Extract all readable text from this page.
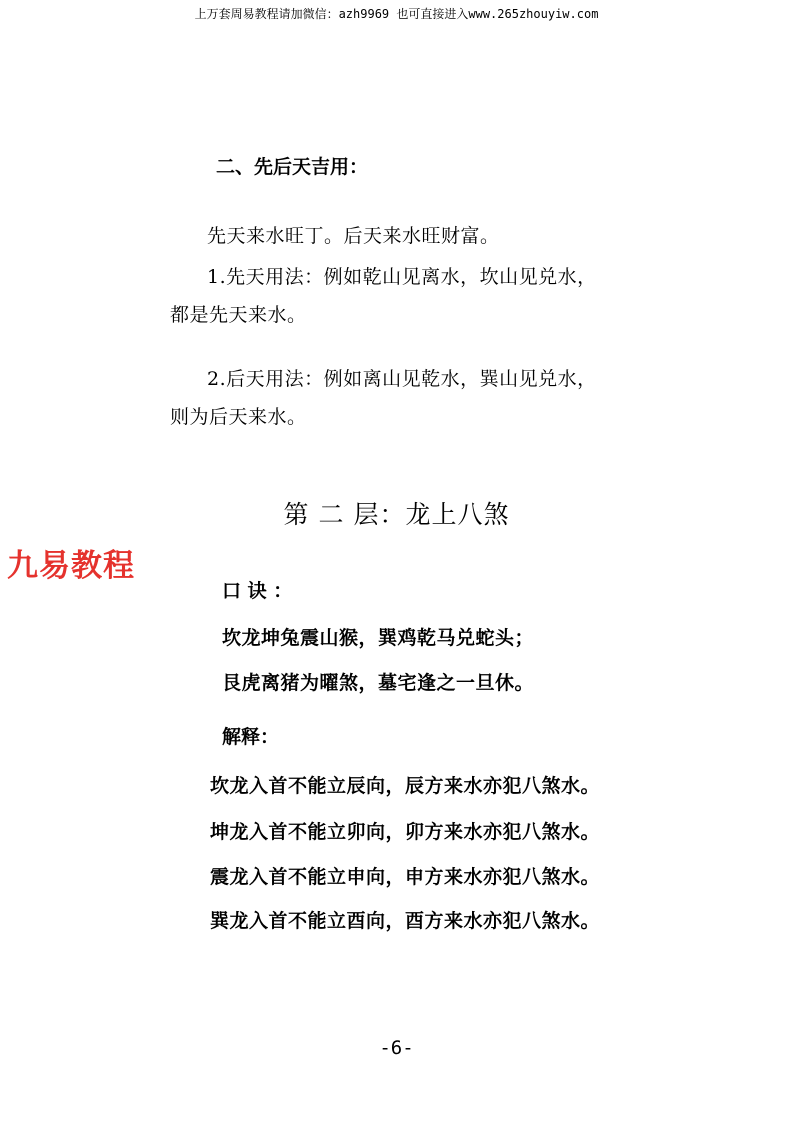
上万套周易教程请加微信：azh9969 也可直接进入www.265zhouyiw.com
二、先后天吉用：
先天来水旺丁。后天来水旺财富。
1.先天用法：例如乾山见离水，坎山见兑水，
都是先天来水。
2.后天用法：例如离山见乾水，巽山见兑水，
则为后天来水。
第 二 层：龙上八煞
九易教程
口 诀 ：
坎龙坤兔震山猴，巽鸡乾马兑蛇头；
艮虎离猪为曜煞，墓宅逢之一旦休。
解释：
坎龙入首不能立辰向，辰方来水亦犯八煞水。
坤龙入首不能立卯向，卯方来水亦犯八煞水。
震龙入首不能立申向，申方来水亦犯八煞水。
巽龙入首不能立酉向，酉方来水亦犯八煞水。
-6-
